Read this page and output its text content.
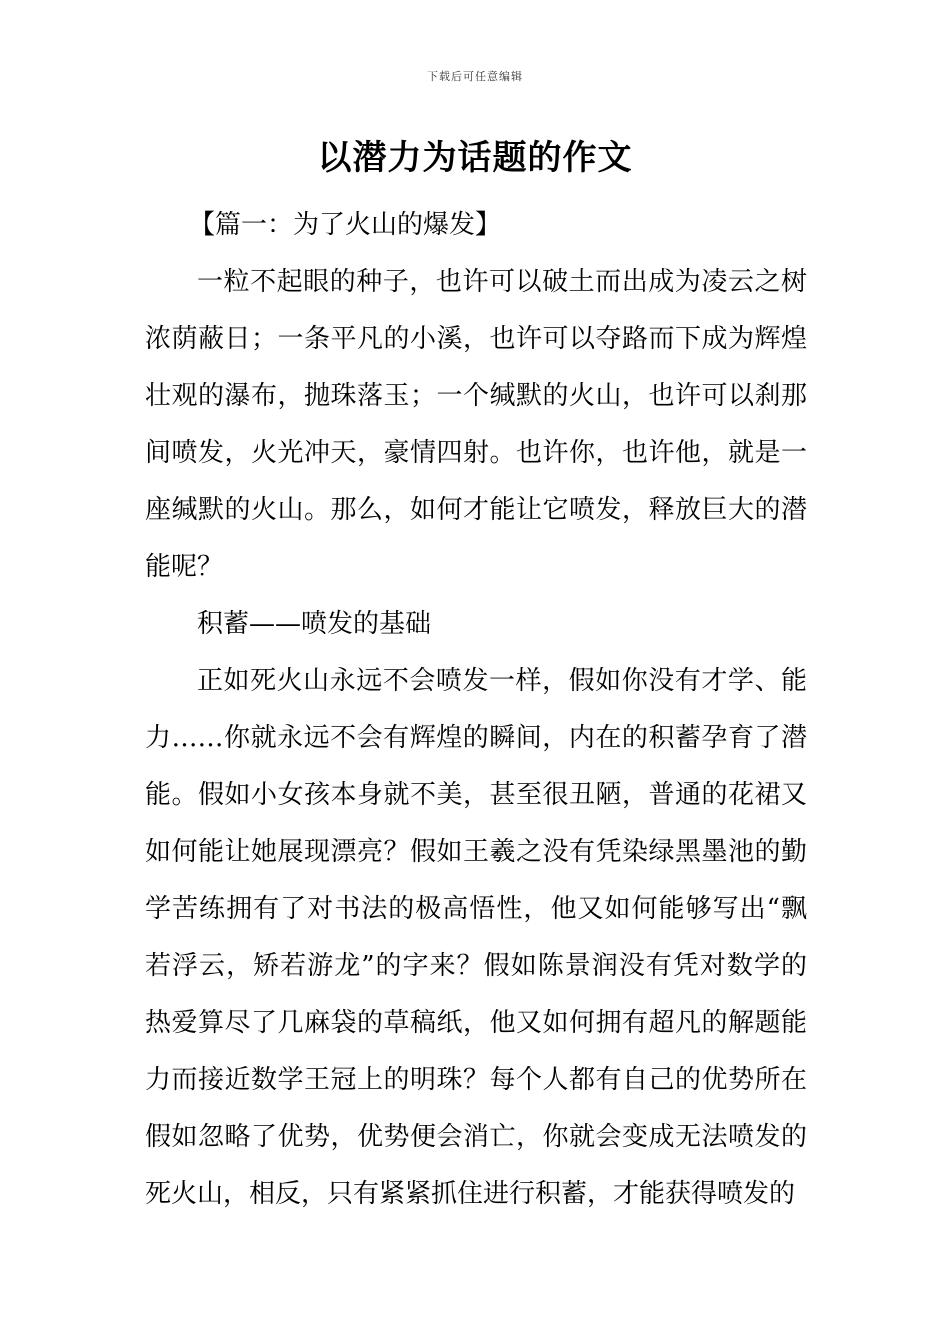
下载后可任意编辑
以潜力为话题的作文

【篇一：为了火山的爆发】

一粒不起眼的种子，也许可以破土而出成为凌云之树浓荫蔽日；一条平凡的小溪，也许可以夺路而下成为辉煌壮观的瀑布，抛珠落玉；一个缄默的火山，也许可以刹那间喷发，火光冲天，豪情四射。也许你，也许他，就是一座缄默的火山。那么，如何才能让它喷发，释放巨大的潜能呢？

积蓄——喷发的基础

正如死火山永远不会喷发一样，假如你没有才学、能力……你就永远不会有辉煌的瞬间，内在的积蓄孕育了潜能。假如小女孩本身就不美，甚至很丑陋，普通的花裙又如何能让她展现漂亮？假如王羲之没有凭染绿黑墨池的勤学苦练拥有了对书法的极高悟性，他又如何能够写出“飘若浮云，矫若游龙”的字来？假如陈景润没有凭对数学的热爱算尽了几麻袋的草稿纸，他又如何拥有超凡的解题能力而接近数学王冠上的明珠？每个人都有自己的优势所在假如忽略了优势，优势便会消亡，你就会变成无法喷发的死火山，相反，只有紧紧抓住进行积蓄，才能获得喷发的
